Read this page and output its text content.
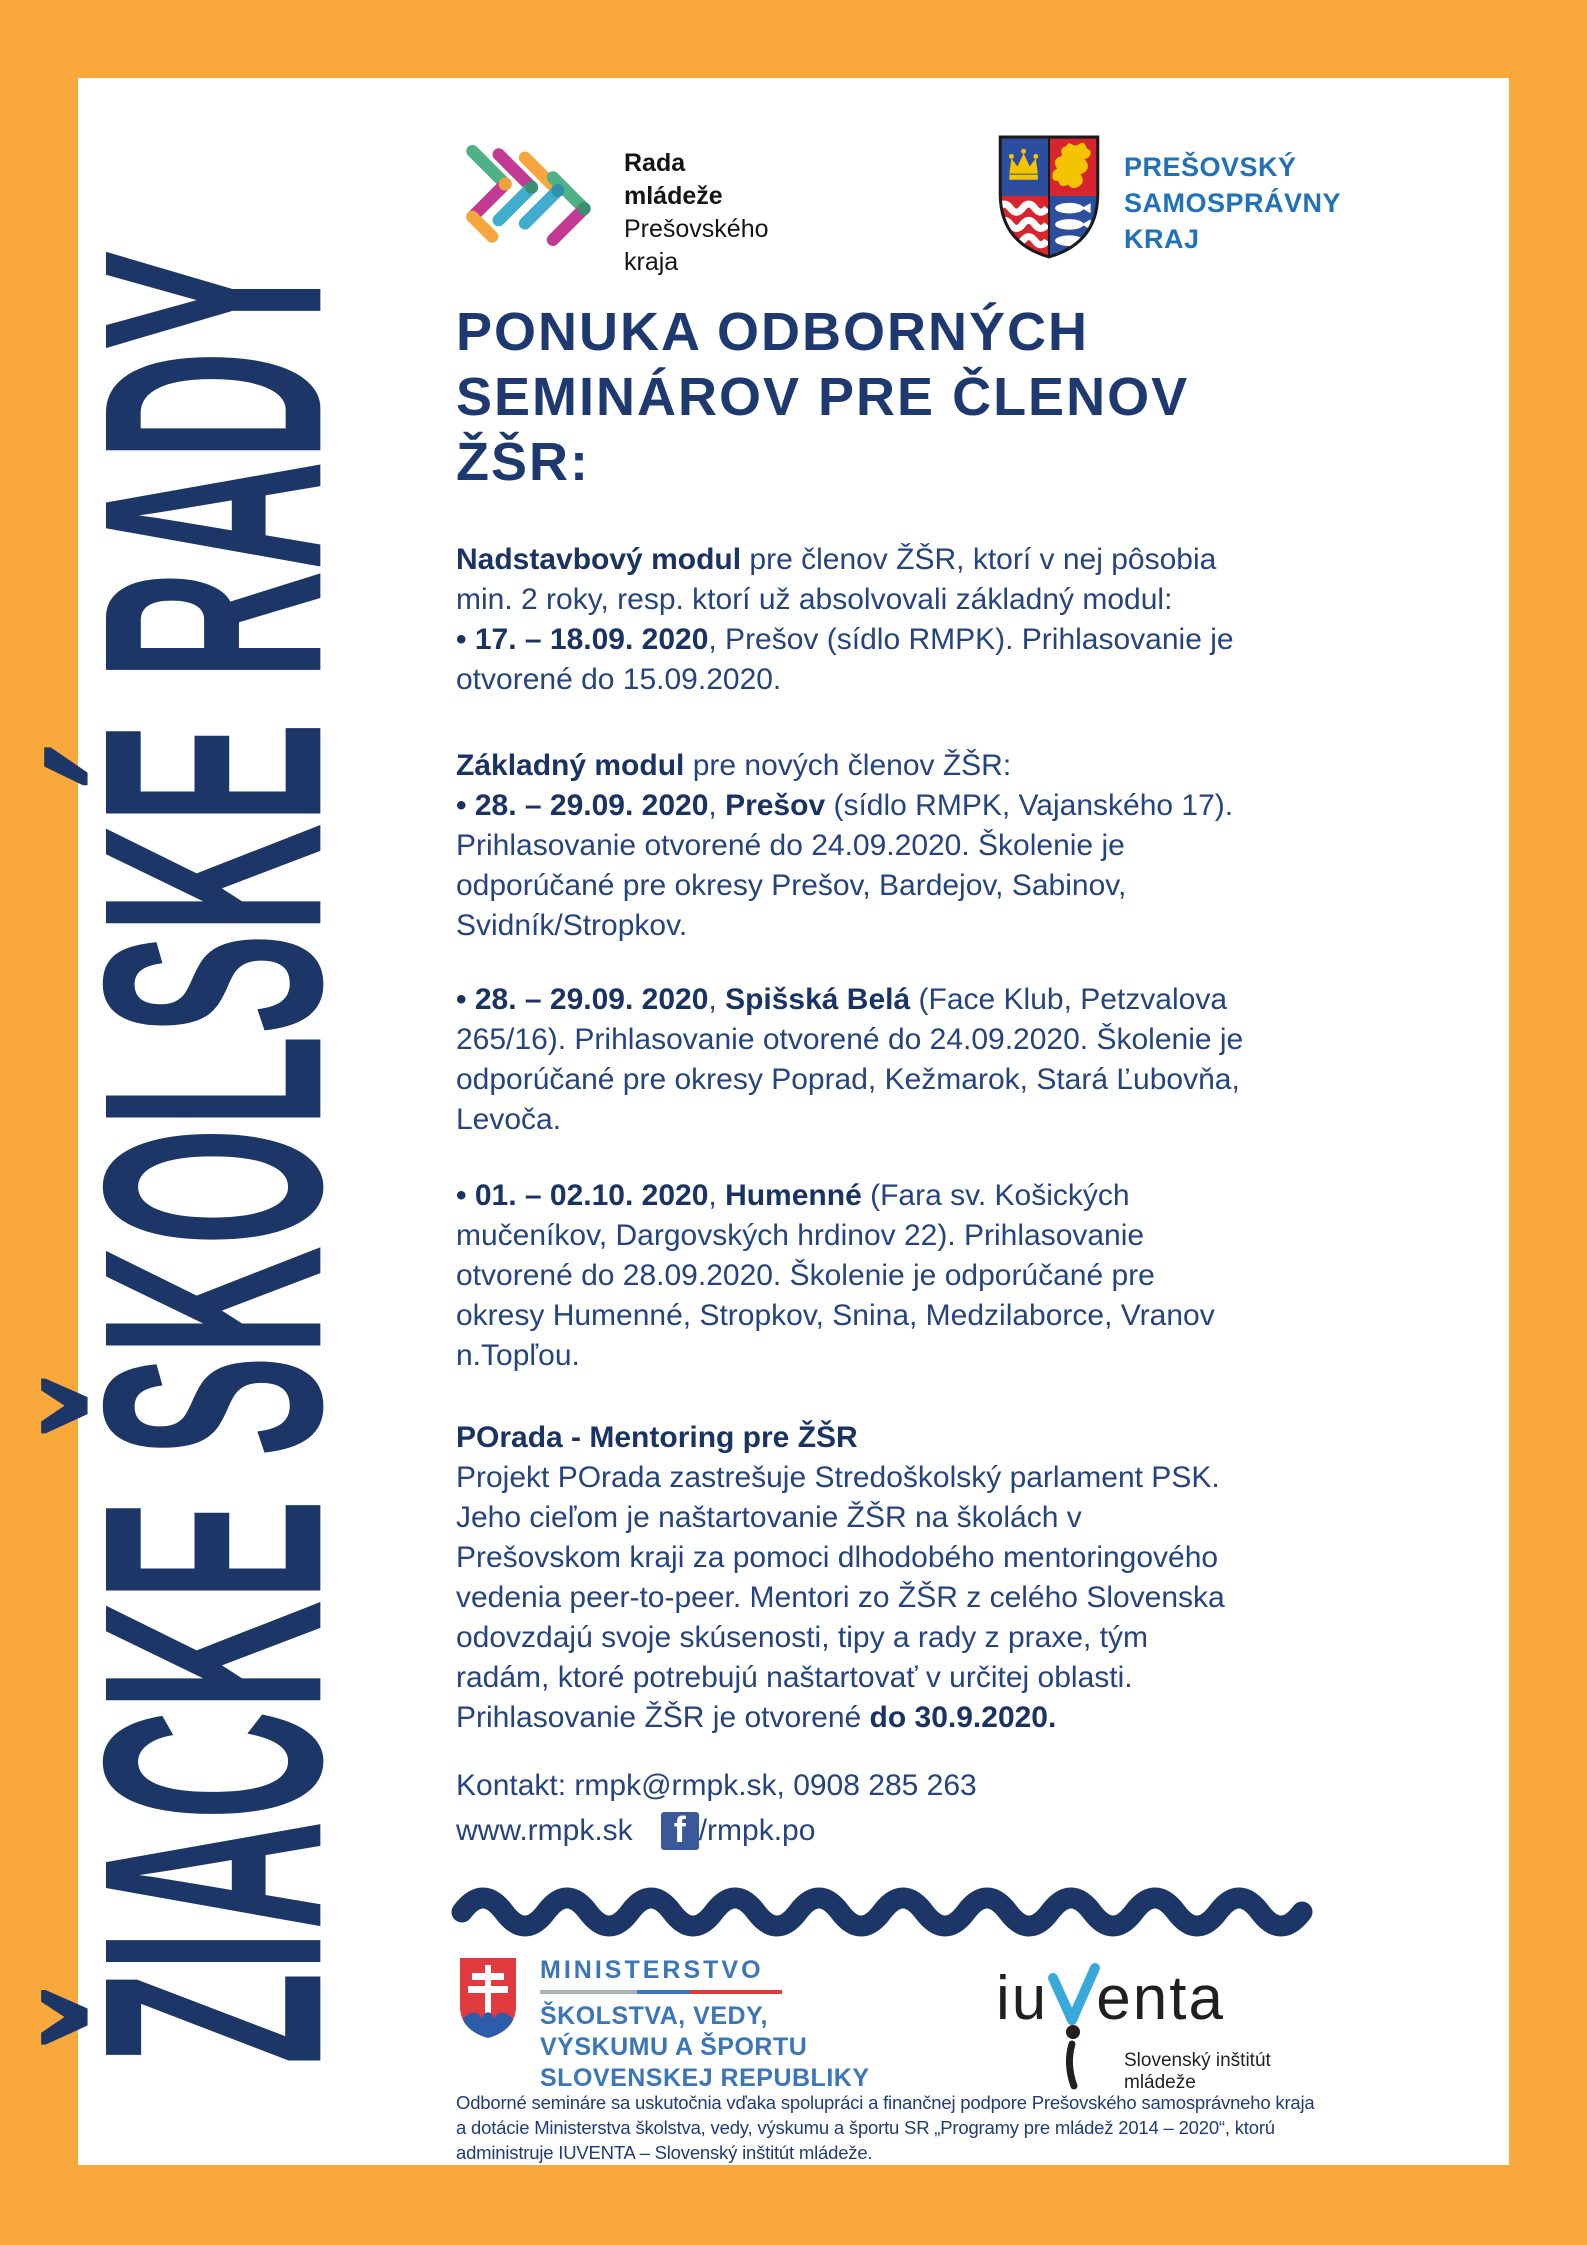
Rada
mládeže
Prešovského
kraja
PREŠOVSKÝ
SAMOSPRÁVNY
KRAJ
PONUKA ODBORNÝCH
SEMINÁROV PRE ČLENOV
ŽŠR:
Nadstavbový modul pre členov ŽŠR, ktorí v nej pôsobia
min. 2 roky, resp. ktorí už absolvovali základný modul:
• 17. – 18.09. 2020, Prešov (sídlo RMPK). Prihlasovanie je
otvorené do 15.09.2020.
Základný modul pre nových členov ŽŠR:
• 28. – 29.09. 2020, Prešov (sídlo RMPK, Vajanského 17).
Prihlasovanie otvorené do 24.09.2020. Školenie je
odporúčané pre okresy Prešov, Bardejov, Sabinov,
Svidník/Stropkov.
• 28. – 29.09. 2020, Spišská Belá (Face Klub, Petzvalova
265/16). Prihlasovanie otvorené do 24.09.2020. Školenie je
odporúčané pre okresy Poprad, Kežmarok, Stará Ľubovňa,
Levoča.
• 01. – 02.10. 2020, Humenné (Fara sv. Košických
mučeníkov, Dargovských hrdinov 22). Prihlasovanie
otvorené do 28.09.2020. Školenie je odporúčané pre
okresy Humenné, Stropkov, Snina, Medzilaborce, Vranov
n.Topľou.
POrada - Mentoring pre ŽŠR
Projekt POrada zastrešuje Stredoškolský parlament PSK.
Jeho cieľom je naštartovanie ŽŠR na školách v
Prešovskom kraji za pomoci dlhodobého mentoringového
vedenia peer-to-peer. Mentori zo ŽŠR z celého Slovenska
odovzdajú svoje skúsenosti, tipy a rady z praxe, tým
radám, ktoré potrebujú naštartovať v určitej oblasti.
Prihlasovanie ŽŠR je otvorené do 30.9.2020.
Kontakt: rmpk@rmpk.sk, 0908 285 263
www.rmpk.sk	f /rmpk.po
MINISTERSTVO
ŠKOLSTVA, VEDY,
VÝSKUMU A ŠPORTU
SLOVENSKEJ REPUBLIKY
iu enta
Slovenský inštitút mládeže
Odborné semináre sa uskutočnia vďaka spolupráci a finančnej podpore Prešovského samosprávneho kraja
a dotácie Ministerstva školstva, vedy, výskumu a športu SR „Programy pre mládež 2014 – 2020“, ktorú
administruje IUVENTA – Slovenský inštitút mládeže.
ŽIACKE ŠKOLSKÉ RADY
